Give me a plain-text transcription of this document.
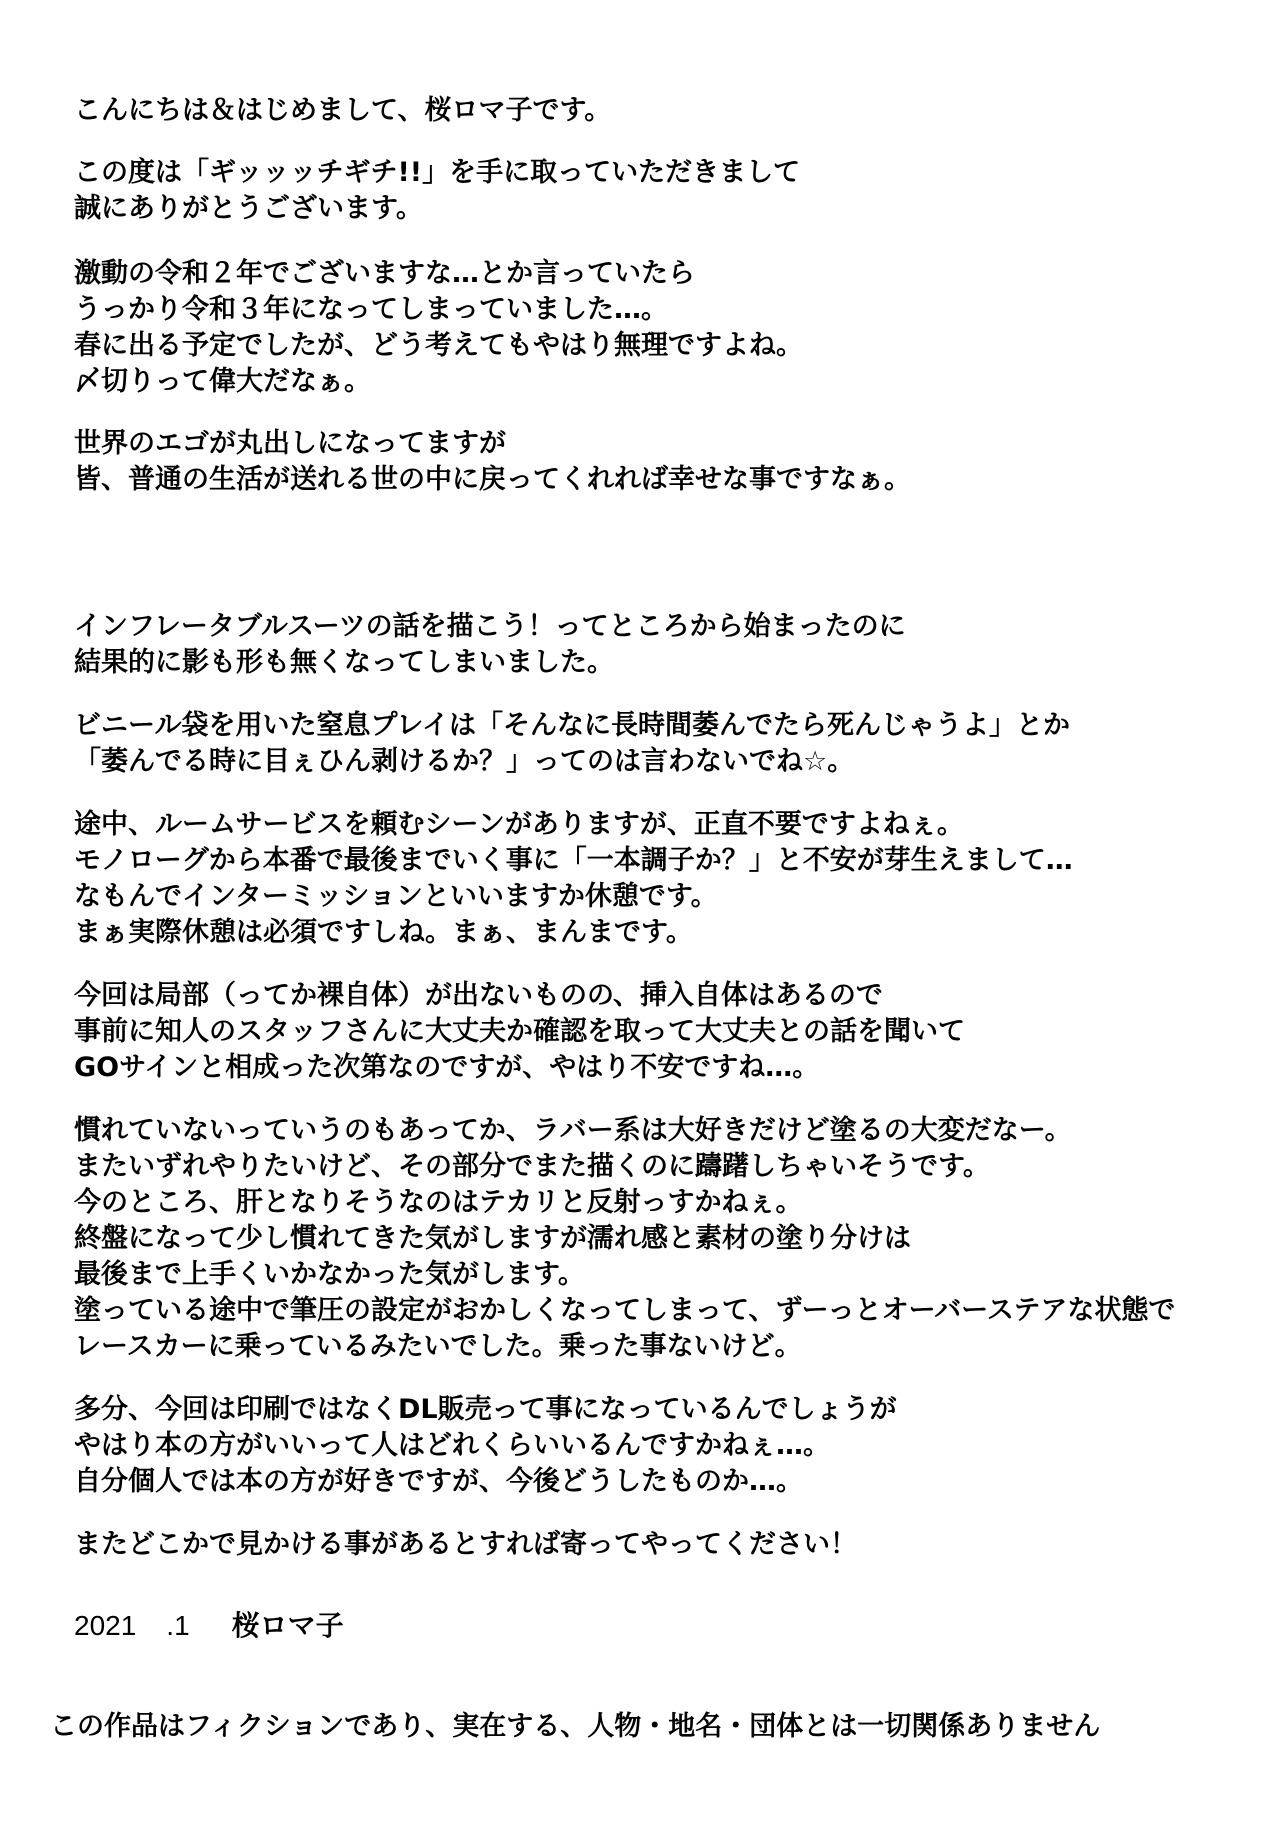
こんにちは＆はじめまして、桜ロマ子です。
この度は「ギッッッチギチ!!」を手に取っていただきまして
誠にありがとうございます。
激動の令和２年でございますな…とか言っていたら
うっかり令和３年になってしまっていました…。
春に出る予定でしたが、どう考えてもやはり無理ですよね。
〆切りって偉大だなぁ。
世界のエゴが丸出しになってますが
皆、普通の生活が送れる世の中に戻ってくれれば幸せな事ですなぁ。
インフレータブルスーツの話を描こう！ってところから始まったのに
結果的に影も形も無くなってしまいました。
ビニール袋を用いた窒息プレイは「そんなに長時間萎んでたら死んじゃうよ」とか
「萎んでる時に目ぇひん剥けるか？」ってのは言わないでね☆。
途中、ルームサービスを頼むシーンがありますが、正直不要ですよねぇ。
モノローグから本番で最後までいく事に「一本調子か？」と不安が芽生えまして…
なもんでインターミッションといいますか休憩です。
まぁ実際休憩は必須ですしね。まぁ、まんまです。
今回は局部（ってか裸自体）が出ないものの、挿入自体はあるので
事前に知人のスタッフさんに大丈夫か確認を取って大丈夫との話を聞いて
GOサインと相成った次第なのですが、やはり不安ですね…。
慣れていないっていうのもあってか、ラバー系は大好きだけど塗るの大変だなー。
またいずれやりたいけど、その部分でまた描くのに躊躇しちゃいそうです。
今のところ、肝となりそうなのはテカリと反射っすかねぇ。
終盤になって少し慣れてきた気がしますが濡れ感と素材の塗り分けは
最後まで上手くいかなかった気がします。
塗っている途中で筆圧の設定がおかしくなってしまって、ずーっとオーバーステアな状態で
レースカーに乗っているみたいでした。乗った事ないけど。
多分、今回は印刷ではなくDL販売って事になっているんでしょうが
やはり本の方がいいって人はどれくらいいるんですかねぇ…。
自分個人では本の方が好きですが、今後どうしたものか…。
またどこかで見かける事があるとすれば寄ってやってください！
2021 .1 桜ロマ子
この作品はフィクションであり、実在する、人物・地名・団体とは一切関係ありません
